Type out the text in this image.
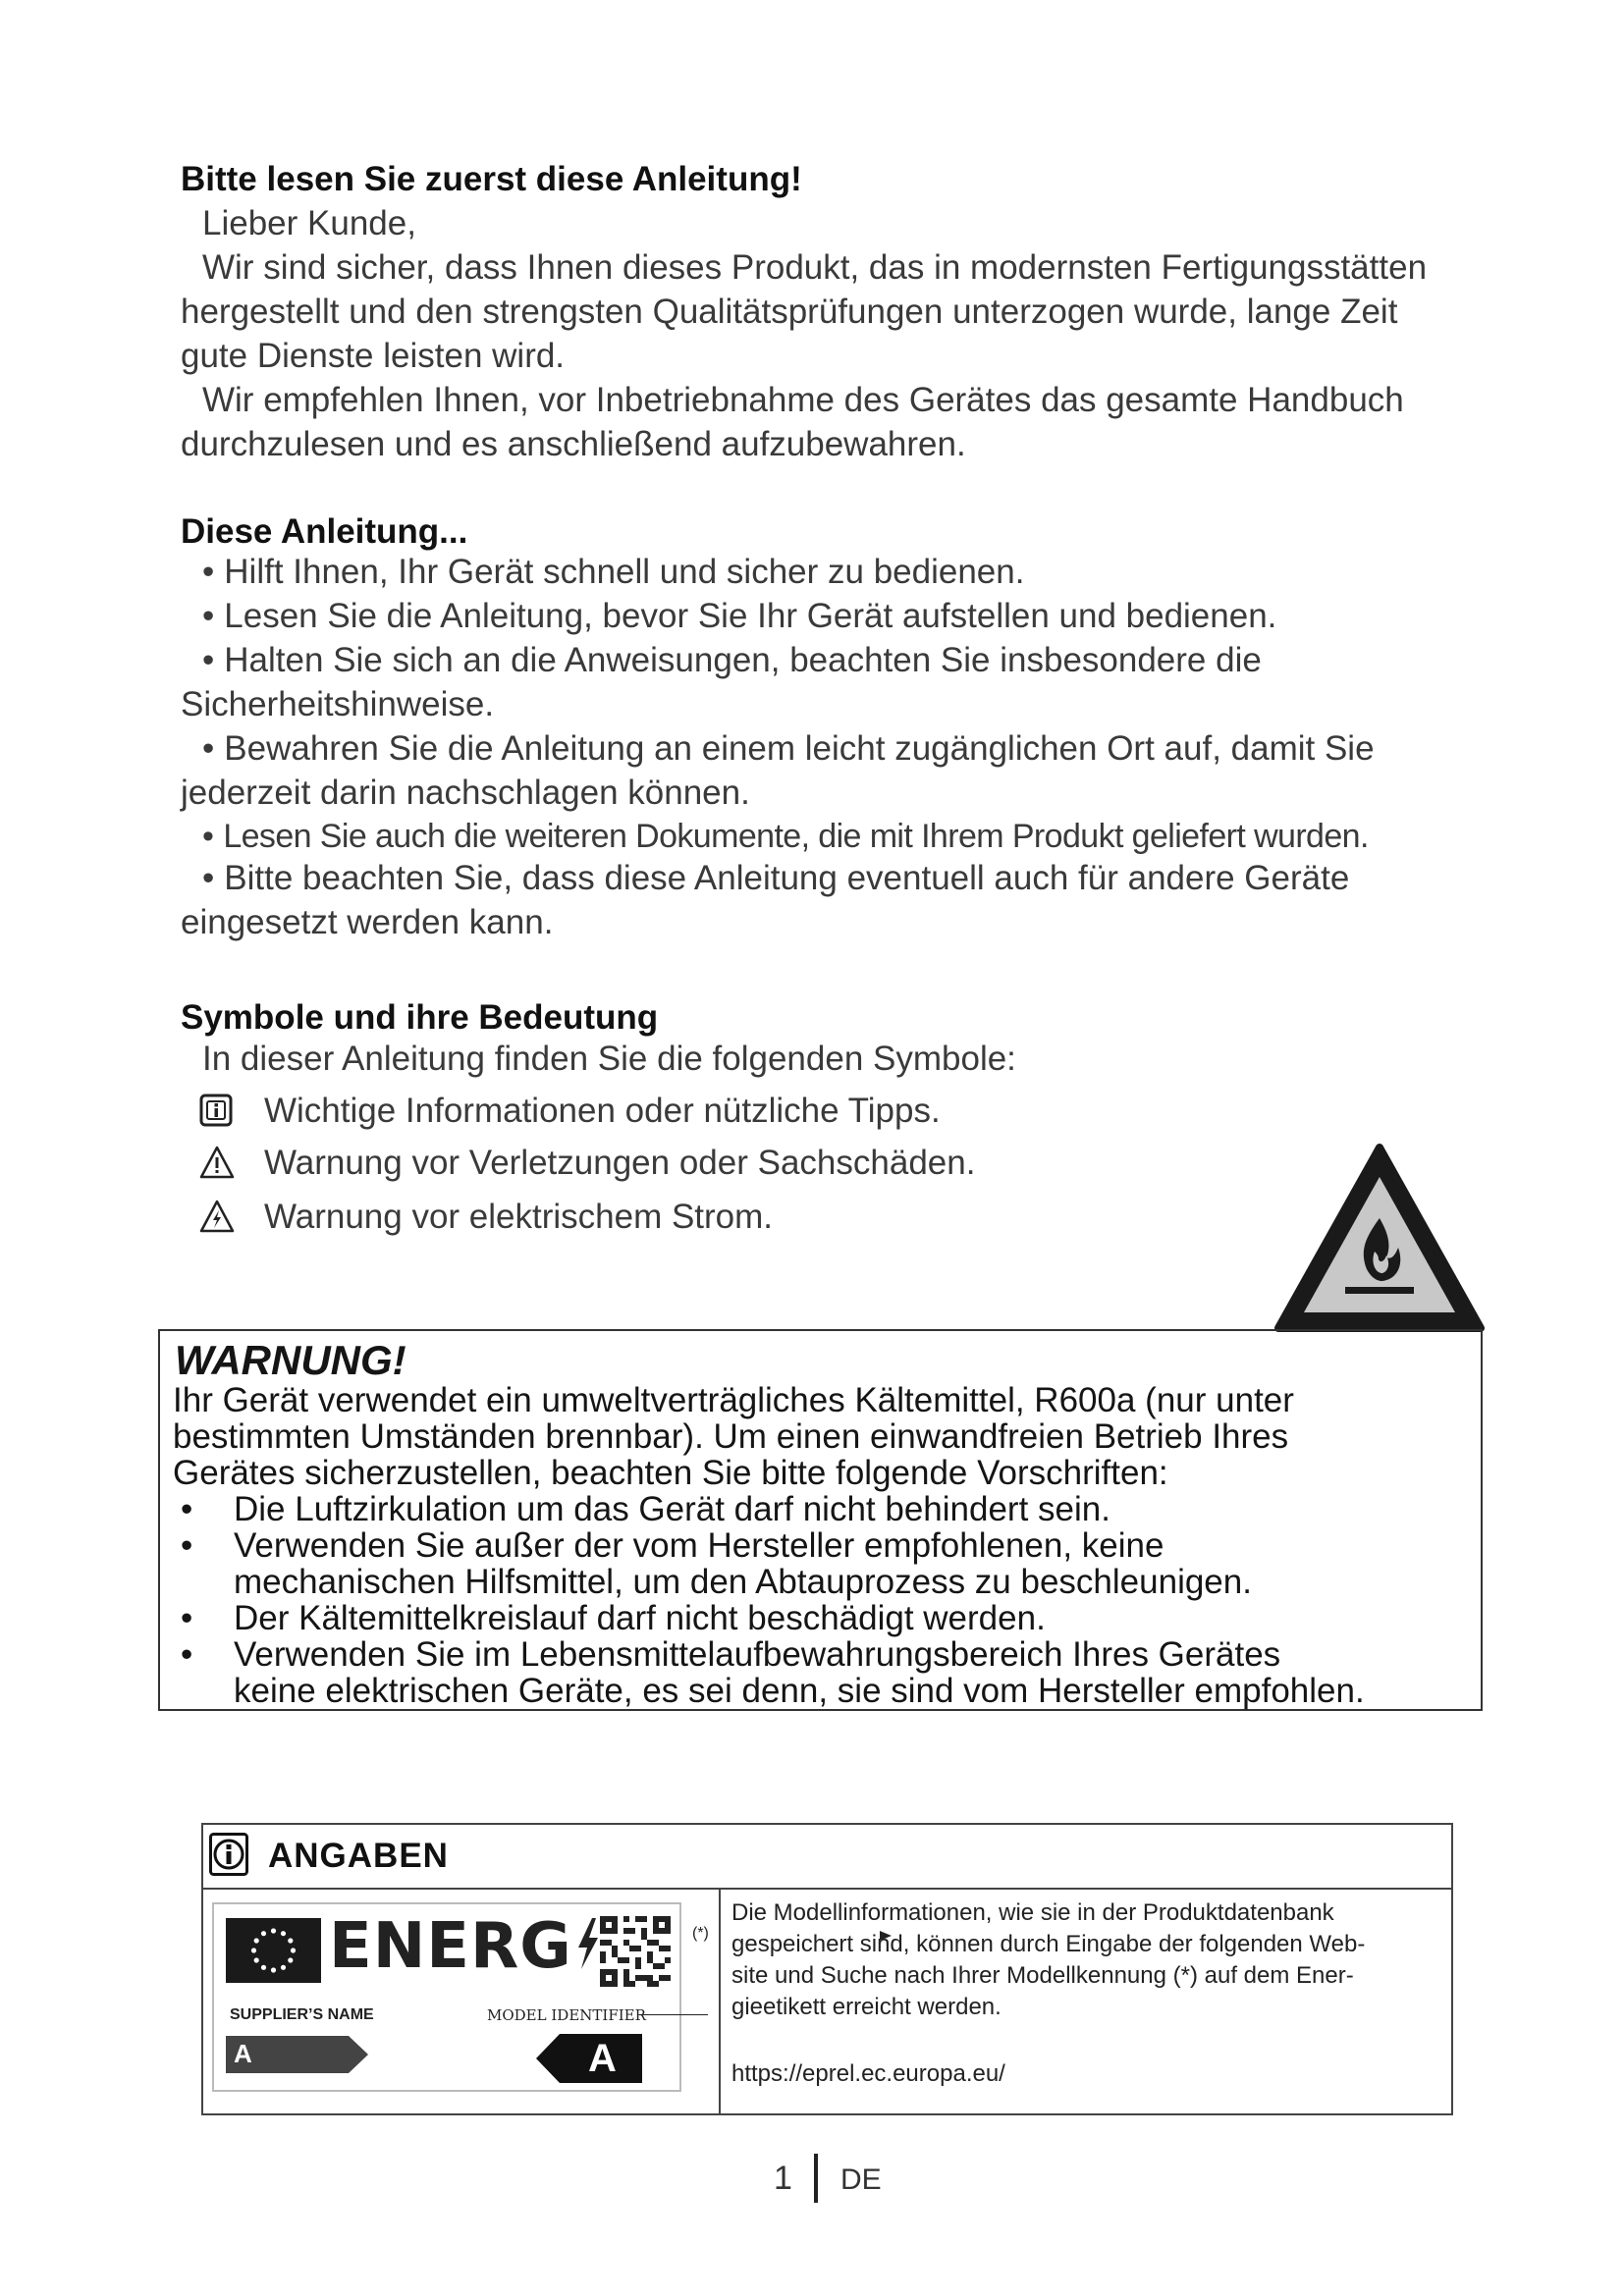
Bitte lesen Sie zuerst diese Anleitung!
Lieber Kunde,
Wir sind sicher, dass Ihnen dieses Produkt, das in modernsten Fertigungsstätten
hergestellt und den strengsten Qualitätsprüfungen unterzogen wurde, lange Zeit
gute Dienste leisten wird.
Wir empfehlen Ihnen, vor Inbetriebnahme des Gerätes das gesamte Handbuch
durchzulesen und es anschließend aufzubewahren.
Diese Anleitung...
• Hilft Ihnen, Ihr Gerät schnell und sicher zu bedienen.
• Lesen Sie die Anleitung, bevor Sie Ihr Gerät aufstellen und bedienen.
• Halten Sie sich an die Anweisungen, beachten Sie insbesondere die
Sicherheitshinweise.
• Bewahren Sie die Anleitung an einem leicht zugänglichen Ort auf, damit Sie
jederzeit darin nachschlagen können.
• Lesen Sie auch die weiteren Dokumente, die mit Ihrem Produkt geliefert wurden.
• Bitte beachten Sie, dass diese Anleitung eventuell auch für andere Geräte
eingesetzt werden kann.
Symbole und ihre Bedeutung
In dieser Anleitung finden Sie die folgenden Symbole:
Wichtige Informationen oder nützliche Tipps.
Warnung vor Verletzungen oder Sachschäden.
Warnung vor elektrischem Strom.
WARNUNG!
Ihr Gerät verwendet ein umweltverträgliches Kältemittel, R600a (nur unter
bestimmten Umständen brennbar). Um einen einwandfreien Betrieb Ihres
Gerätes sicherzustellen, beachten Sie bitte folgende Vorschriften:
• Die Luftzirkulation um das Gerät darf nicht behindert sein.
• Verwenden Sie außer der vom Hersteller empfohlenen, keine
mechanischen Hilfsmittel, um den Abtauprozess zu beschleunigen.
• Der Kältemittelkreislauf darf nicht beschädigt werden.
• Verwenden Sie im Lebensmittelaufbewahrungsbereich Ihres Gerätes
keine elektrischen Geräte, es sei denn, sie sind vom Hersteller empfohlen.
ANGABEN
ENERG
SUPPLIER’S NAME	MODEL IDENTIFIER
A	A
(*)
Die Modellinformationen, wie sie in der Produktdatenbank
gespeichert sind, können durch Eingabe der folgenden Web-
site und Suche nach Ihrer Modellkennung (*) auf dem Ener-
gieetikett erreicht werden.
https://eprel.ec.europa.eu/
1 DE
